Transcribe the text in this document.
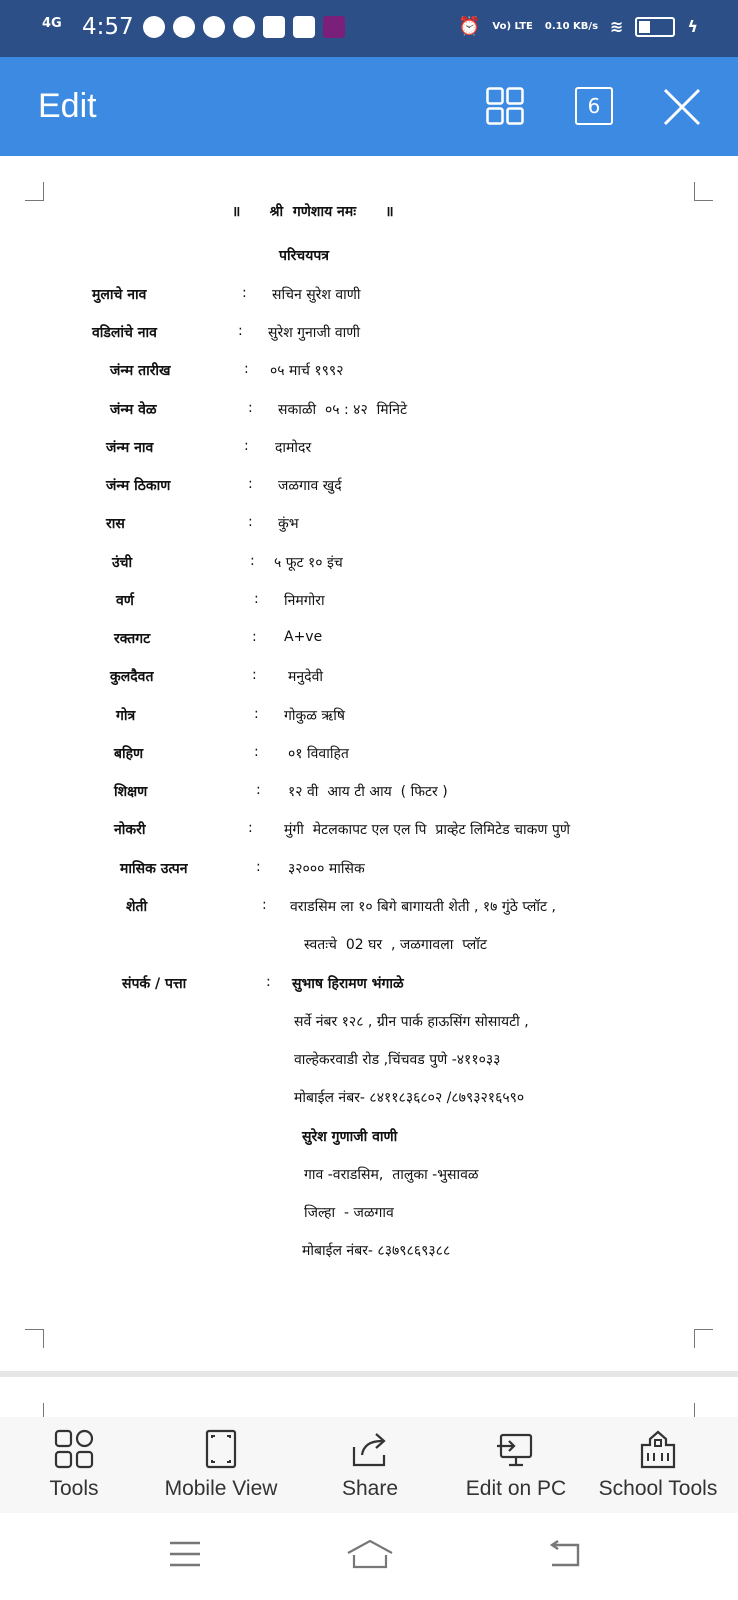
4G 4:57	⏰ Vo) LTE 0.10 KB/s ≋	ϟ
Edit	6
॥      श्री  गणेशाय नमः      ॥
परिचयपत्र
मुलाचे नाव	: सचिन सुरेश वाणी
वडिलांचे नाव	: सुरेश गुनाजी वाणी
जंन्म तारीख	: ०५ मार्च १९९२
जंन्म वेळ	: सकाळी  ०५ : ४२  मिनिटे
जंन्म नाव	: दामोदर
जंन्म ठिकाण	: जळगाव खुर्द
रास	: कुंभ
उंची	: ५ फूट १० इंच
वर्ण	: निमगोरा
रक्तगट	: A+ve
कुलदैवत	: मनुदेवी
गोत्र	: गोकुळ ऋषि
बहिण	: ०१ विवाहित
शिक्षण	: १२ वी  आय टी आय  ( फिटर )
नोकरी	: मुंगी  मेटलकापट एल एल पि  प्राव्हेट लिमिटेड चाकण पुणे
मासिक उत्पन	: ३२००० मासिक
शेती	: वराडसिम ला १० बिगे बागायती शेती , १७ गुंठे प्लॉट ,
स्वतःचे  02 घर  , जळगावला  प्लॉट
संपर्क / पत्ता	: सुभाष हिरामण भंगाळे
सर्वे नंबर १२८ , ग्रीन पार्क हाऊसिंग सोसायटी ,
वाल्हेकरवाडी रोड ,चिंचवड पुणे -४११०३३
मोबाईल नंबर- ८४११८३६८०२ /८७९३२१६५९०
सुरेश गुणाजी वाणी
गाव -वराडसिम,  तालुका -भुसावळ
जिल्हा  - जळगाव
मोबाईल नंबर- ८३७९८६९३८८
Tools	Mobile View	Share	Edit on PC	School Tools
